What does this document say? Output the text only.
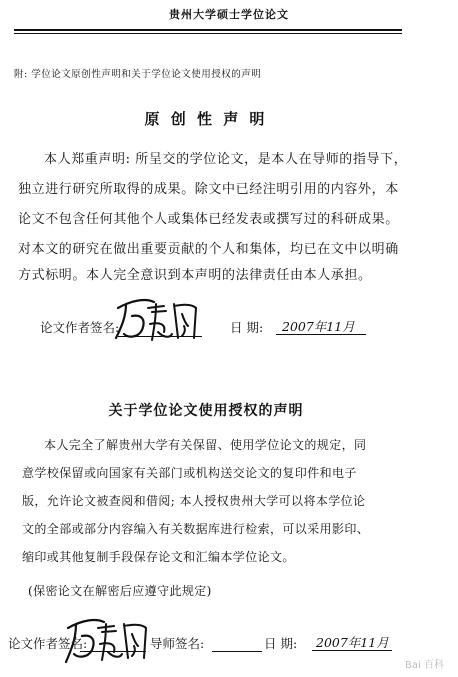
贵州大学硕士学位论文
附: 学位论文原创性声明和关于学位论文使用授权的声明
原 创 性 声 明
本人郑重声明: 所呈交的学位论文，是本人在导师的指导下，
独立进行研究所取得的成果。除文中已经注明引用的内容外，本
论文不包含任何其他个人或集体已经发表或撰写过的科研成果。
对本文的研究在做出重要贡献的个人和集体，均已在文中以明确
方式标明。本人完全意识到本声明的法律责任由本人承担。
论文作者签名:	日 期: 2007年11月
关于学位论文使用授权的声明
本人完全了解贵州大学有关保留、使用学位论文的规定，同
意学校保留或向国家有关部门或机构送交论文的复印件和电子
版，允许论文被查阅和借阅; 本人授权贵州大学可以将本学位论
文的全部或部分内容编入有关数据库进行检索，可以采用影印、
缩印或其他复制手段保存论文和汇编本学位论文。
(保密论文在解密后应遵守此规定)
论文作者签名:	导师签名:	日 期: 2007年11月
Bai 百科
